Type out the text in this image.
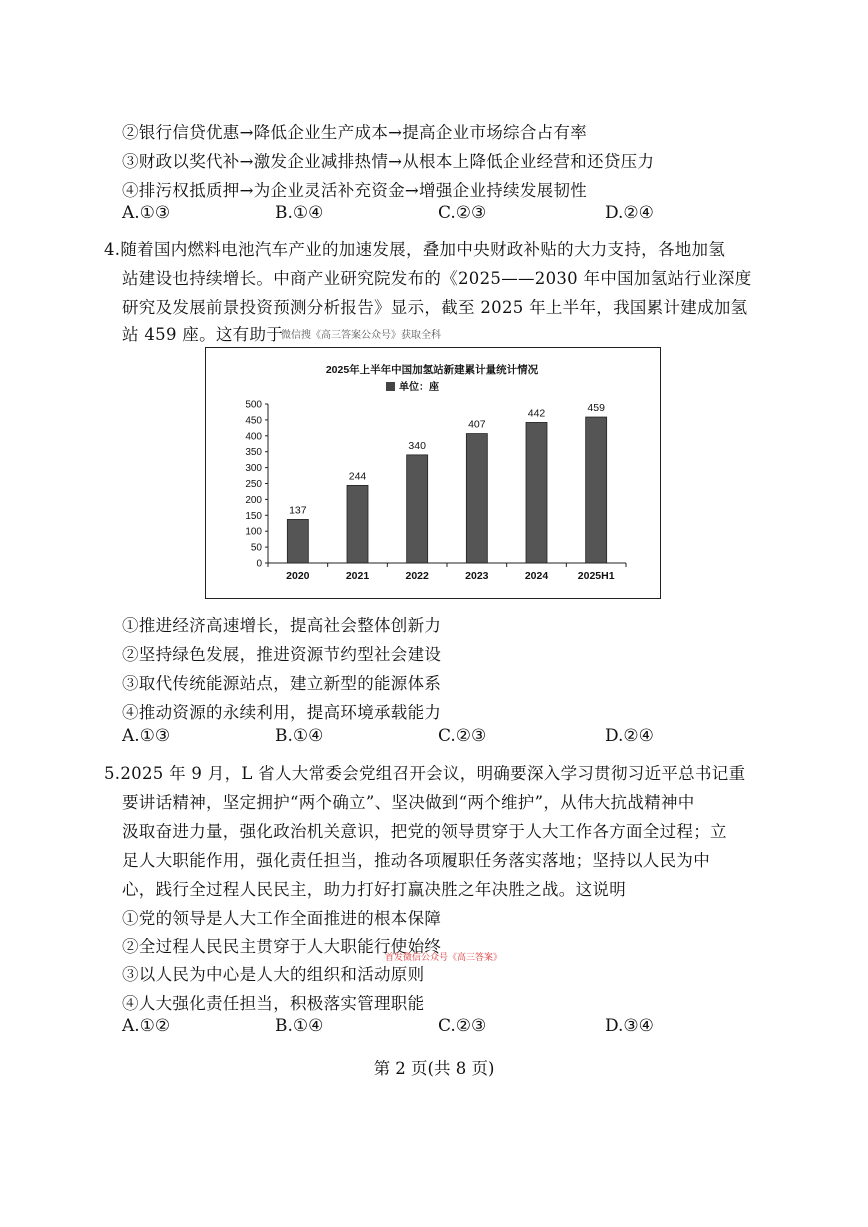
②银行信贷优惠→降低企业生产成本→提高企业市场综合占有率
③财政以奖代补→激发企业减排热情→从根本上降低企业经营和还贷压力
④排污权抵质押→为企业灵活补充资金→增强企业持续发展韧性
A.①③	B.①④	C.②③	D.②④
4.随着国内燃料电池汽车产业的加速发展，叠加中央财政补贴的大力支持，各地加氢
站建设也持续增长。中商产业研究院发布的《2025——2030 年中国加氢站行业深度
研究及发展前景投资预测分析报告》显示，截至 2025 年上半年，我国累计建成加氢
站 459 座。这有助于
微信搜《高三答案公众号》获取全科
2025年上半年中国加氢站新建累计量统计情况
单位：座
0
50
100
150
200
250
300
350
400
450
500
137
2020
244
2021
340
2022
407
2023
442
2024
459
2025H1
①推进经济高速增长，提高社会整体创新力
②坚持绿色发展，推进资源节约型社会建设
③取代传统能源站点，建立新型的能源体系
④推动资源的永续利用，提高环境承载能力
A.①③	B.①④	C.②③	D.②④
5.2025 年 9 月，L 省人大常委会党组召开会议，明确要深入学习贯彻习近平总书记重
要讲话精神，坚定拥护“两个确立”、坚决做到“两个维护”，从伟大抗战精神中
汲取奋进力量，强化政治机关意识，把党的领导贯穿于人大工作各方面全过程；立
足人大职能作用，强化责任担当，推动各项履职任务落实落地；坚持以人民为中
心，践行全过程人民民主，助力打好打赢决胜之年决胜之战。这说明
①党的领导是人大工作全面推进的根本保障
②全过程人民民主贯穿于人大职能行使始终
首发微信公众号《高三答案》
③以人民为中心是人大的组织和活动原则
④人大强化责任担当，积极落实管理职能
A.①②	B.①④	C.②③	D.③④
第 2 页(共 8 页)
